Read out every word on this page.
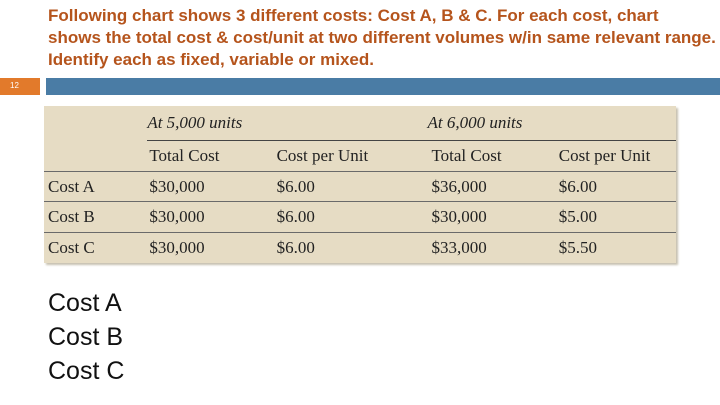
Following chart shows 3 different costs: Cost A, B & C. For each cost, chart shows the total cost & cost/unit at two different volumes w/in same relevant range. Identify each as fixed, variable or mixed.
12
	At 5,000 units		At 6,000 units	
	Total Cost	Cost per Unit	Total Cost	Cost per Unit
Cost A	$30,000	$6.00	$36,000	$6.00
Cost B	$30,000	$6.00	$30,000	$5.00
Cost C	$30,000	$6.00	$33,000	$5.50
Cost A
Cost B
Cost C
